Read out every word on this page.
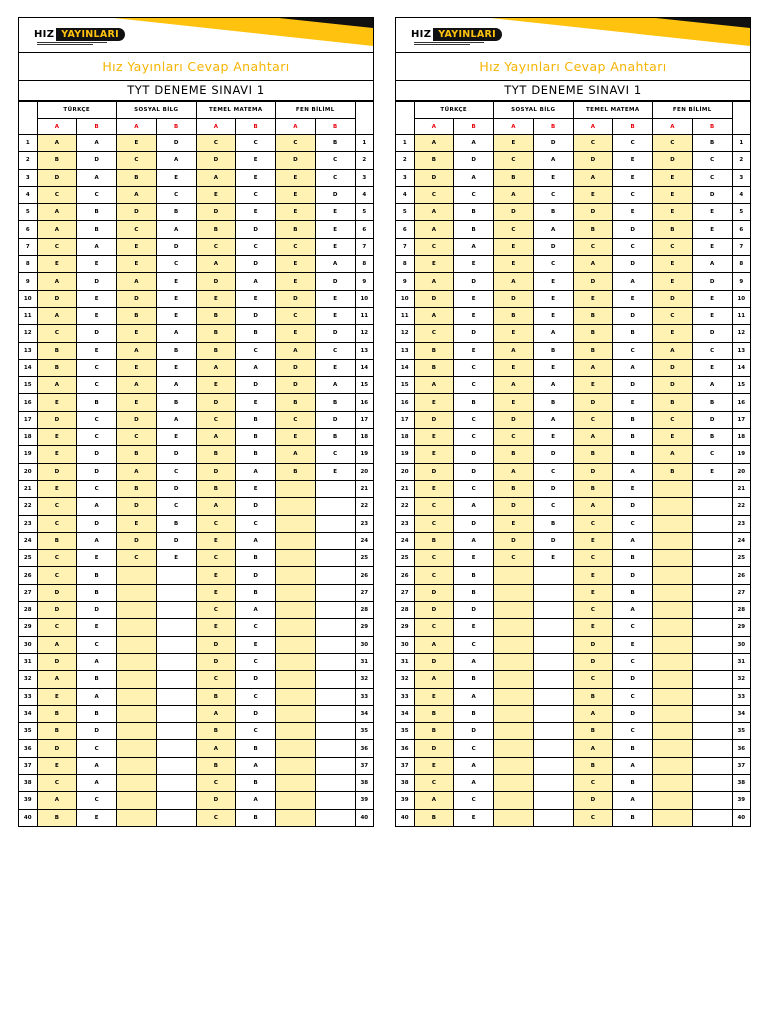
HIZ YAYINLARI
Hız Yayınları Cevap Anahtarı
TYT DENEME SINAVI 1
	TÜRKÇE		SOSYAL BİLG		TEMEL MATEMA		FEN BİLİML		
	A	B	A	B	A	B	A	B	
1	A	A	E	D	C	C	C	B	1
2	B	D	C	A	D	E	D	C	2
3	D	A	B	E	A	E	E	C	3
4	C	C	A	C	E	C	E	D	4
5	A	B	D	B	D	E	E	E	5
6	A	B	C	A	B	D	B	E	6
7	C	A	E	D	C	C	C	E	7
8	E	E	E	C	A	D	E	A	8
9	A	D	A	E	D	A	E	D	9
10	D	E	D	E	E	E	D	E	10
11	A	E	B	E	B	D	C	E	11
12	C	D	E	A	B	B	E	D	12
13	B	E	A	B	B	C	A	C	13
14	B	C	E	E	A	A	D	E	14
15	A	C	A	A	E	D	D	A	15
16	E	B	E	B	D	E	B	B	16
17	D	C	D	A	C	B	C	D	17
18	E	C	C	E	A	B	E	B	18
19	E	D	B	D	B	B	A	C	19
20	D	D	A	C	D	A	B	E	20
21	E	C	B	D	B	E			21
22	C	A	D	C	A	D			22
23	C	D	E	B	C	C			23
24	B	A	D	D	E	A			24
25	C	E	C	E	C	B			25
26	C	B			E	D			26
27	D	B			E	B			27
28	D	D			C	A			28
29	C	E			E	C			29
30	A	C			D	E			30
31	D	A			D	C			31
32	A	B			C	D			32
33	E	A			B	C			33
34	B	B			A	D			34
35	B	D			B	C			35
36	D	C			A	B			36
37	E	A			B	A			37
38	C	A			C	B			38
39	A	C			D	A			39
40	B	E			C	B			40
HIZ YAYINLARI
Hız Yayınları Cevap Anahtarı
TYT DENEME SINAVI 1
	TÜRKÇE		SOSYAL BİLG		TEMEL MATEMA		FEN BİLİML		
	A	B	A	B	A	B	A	B	
1	A	A	E	D	C	C	C	B	1
2	B	D	C	A	D	E	D	C	2
3	D	A	B	E	A	E	E	C	3
4	C	C	A	C	E	C	E	D	4
5	A	B	D	B	D	E	E	E	5
6	A	B	C	A	B	D	B	E	6
7	C	A	E	D	C	C	C	E	7
8	E	E	E	C	A	D	E	A	8
9	A	D	A	E	D	A	E	D	9
10	D	E	D	E	E	E	D	E	10
11	A	E	B	E	B	D	C	E	11
12	C	D	E	A	B	B	E	D	12
13	B	E	A	B	B	C	A	C	13
14	B	C	E	E	A	A	D	E	14
15	A	C	A	A	E	D	D	A	15
16	E	B	E	B	D	E	B	B	16
17	D	C	D	A	C	B	C	D	17
18	E	C	C	E	A	B	E	B	18
19	E	D	B	D	B	B	A	C	19
20	D	D	A	C	D	A	B	E	20
21	E	C	B	D	B	E			21
22	C	A	D	C	A	D			22
23	C	D	E	B	C	C			23
24	B	A	D	D	E	A			24
25	C	E	C	E	C	B			25
26	C	B			E	D			26
27	D	B			E	B			27
28	D	D			C	A			28
29	C	E			E	C			29
30	A	C			D	E			30
31	D	A			D	C			31
32	A	B			C	D			32
33	E	A			B	C			33
34	B	B			A	D			34
35	B	D			B	C			35
36	D	C			A	B			36
37	E	A			B	A			37
38	C	A			C	B			38
39	A	C			D	A			39
40	B	E			C	B			40
